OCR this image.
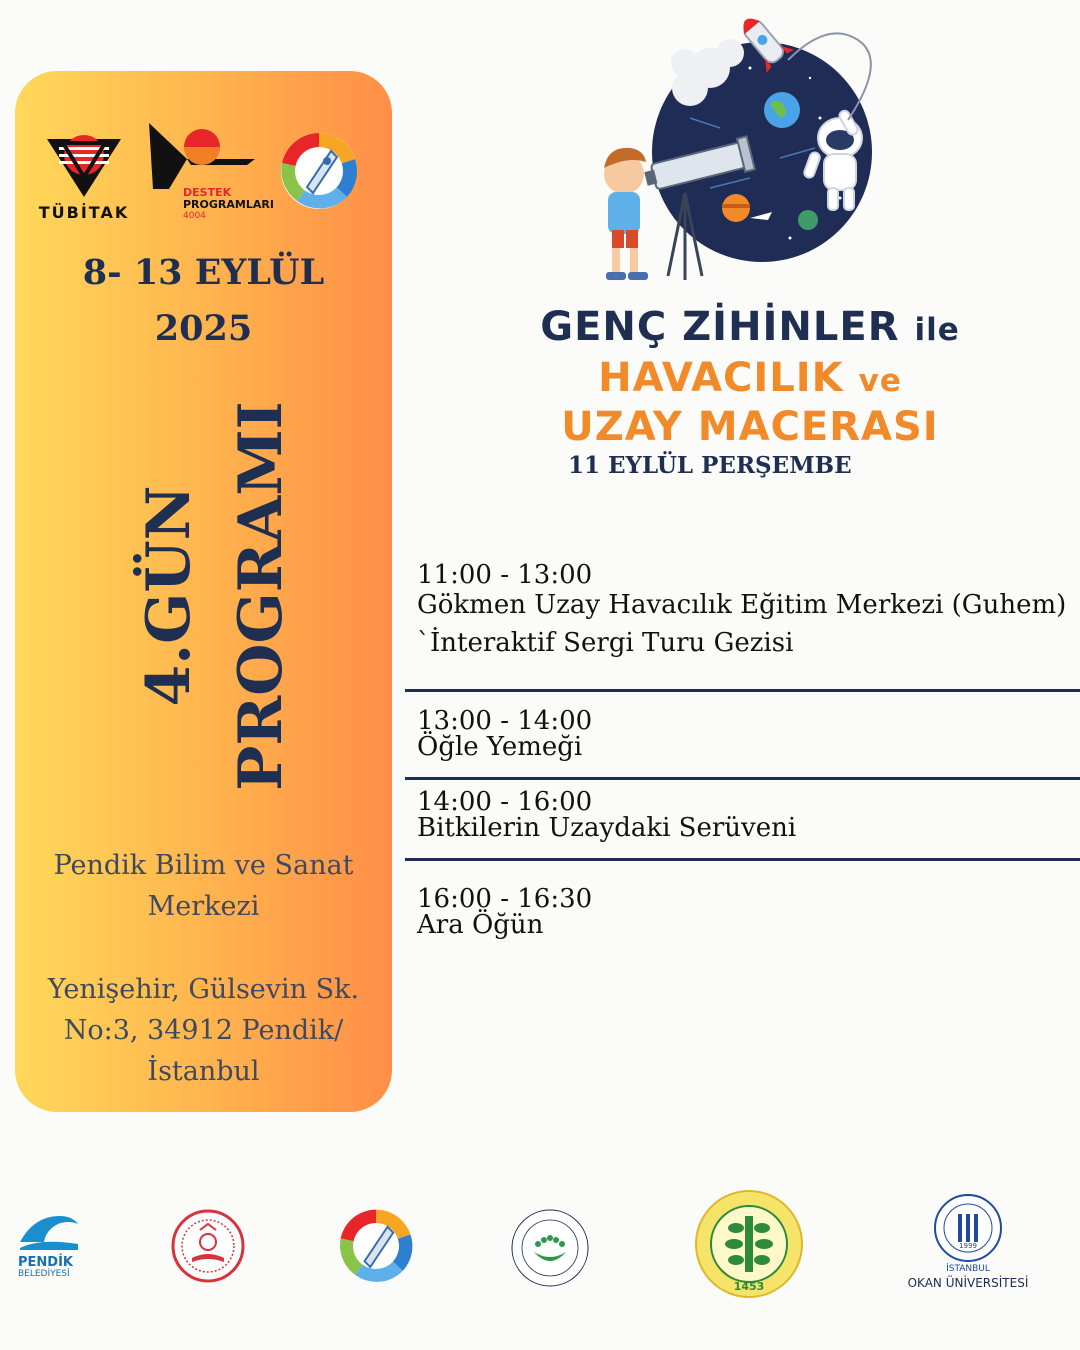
TÜBİTAK
DESTEK
PROGRAMLARI
4004
8- 13 EYLÜL
2025
4.GÜN PROGRAMI
Pendik Bilim ve Sanat
Merkezi
Yenişehir, Gülsevin Sk.
No:3, 34912 Pendik/
İstanbul
GENÇ ZİHİNLER ile
HAVACILIK ve
UZAY MACERASI
11 EYLÜL PERŞEMBE
11:00 - 13:00
Gökmen Uzay Havacılık Eğitim Merkezi (Guhem)
`İnteraktif Sergi Turu Gezisi
13:00 - 14:00
Öğle Yemeği
14:00 - 16:00
Bitkilerin Uzaydaki Serüveni
16:00 - 16:30
Ara Öğün
PENDİK
BELEDİYESİ
1453
1999
İSTANBUL
OKAN ÜNİVERSİTESİ
